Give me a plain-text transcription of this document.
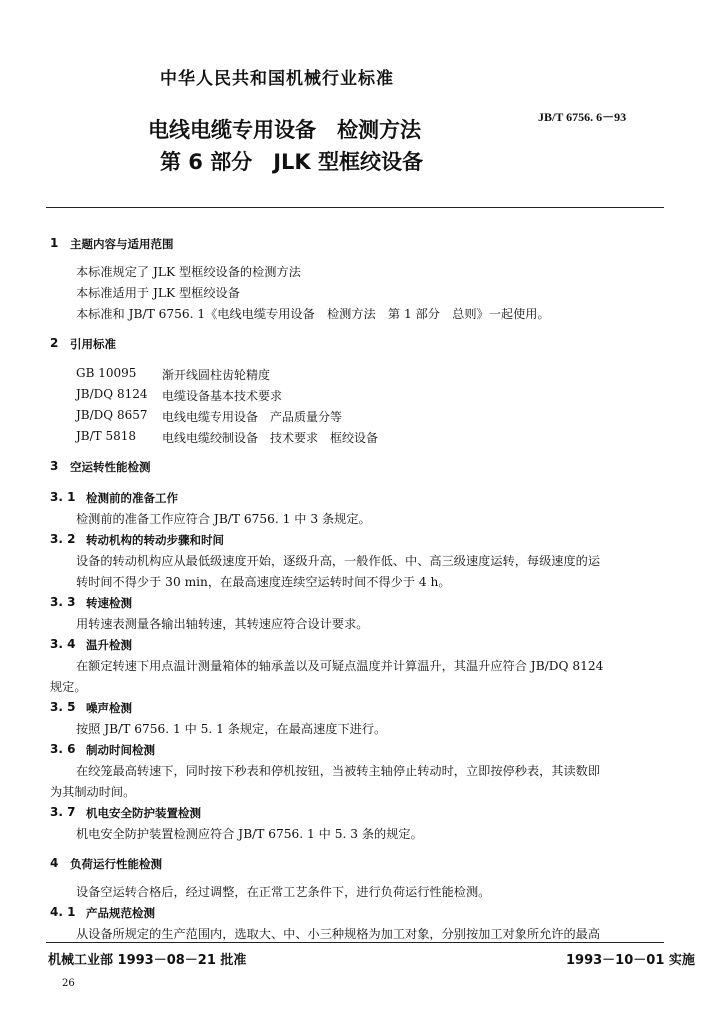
中华人民共和国机械行业标准
电线电缆专用设备　检测方法
第 6 部分　JLK 型框绞设备
JB/T 6756. 6－93
1 主题内容与适用范围
本标准规定了 JLK 型框绞设备的检测方法
本标准适用于 JLK 型框绞设备
本标准和 JB/T 6756. 1《电线电缆专用设备　检测方法　第 1 部分　总则》一起使用。
2 引用标准
GB 10095 渐开线圆柱齿轮精度
JB/DQ 8124 电缆设备基本技术要求
JB/DQ 8657 电线电缆专用设备　产品质量分等
JB/T 5818 电线电缆绞制设备　技术要求　框绞设备
3 空运转性能检测
3. 1 检测前的准备工作
检测前的准备工作应符合 JB/T 6756. 1 中 3 条规定。
3. 2 转动机构的转动步骤和时间
设备的转动机构应从最低级速度开始，逐级升高，一般作低、中、高三级速度运转，每级速度的运
转时间不得少于 30 min，在最高速度连续空运转时间不得少于 4 h。
3. 3 转速检测
用转速表测量各输出轴转速，其转速应符合设计要求。
3. 4 温升检测
在额定转速下用点温计测量箱体的轴承盖以及可疑点温度并计算温升，其温升应符合 JB/DQ 8124
规定。
3. 5 噪声检测
按照 JB/T 6756. 1 中 5. 1 条规定，在最高速度下进行。
3. 6 制动时间检测
在绞笼最高转速下，同时按下秒表和停机按钮，当被转主轴停止转动时，立即按停秒表，其读数即
为其制动时间。
3. 7 机电安全防护装置检测
机电安全防护装置检测应符合 JB/T 6756. 1 中 5. 3 条的规定。
4 负荷运行性能检测
设备空运转合格后，经过调整，在正常工艺条件下，进行负荷运行性能检测。
4. 1 产品规范检测
从设备所规定的生产范围内，选取大、中、小三种规格为加工对象，分别按加工对象所允许的最高
机械工业部 1993－08－21 批准	1993－10－01 实施
26
